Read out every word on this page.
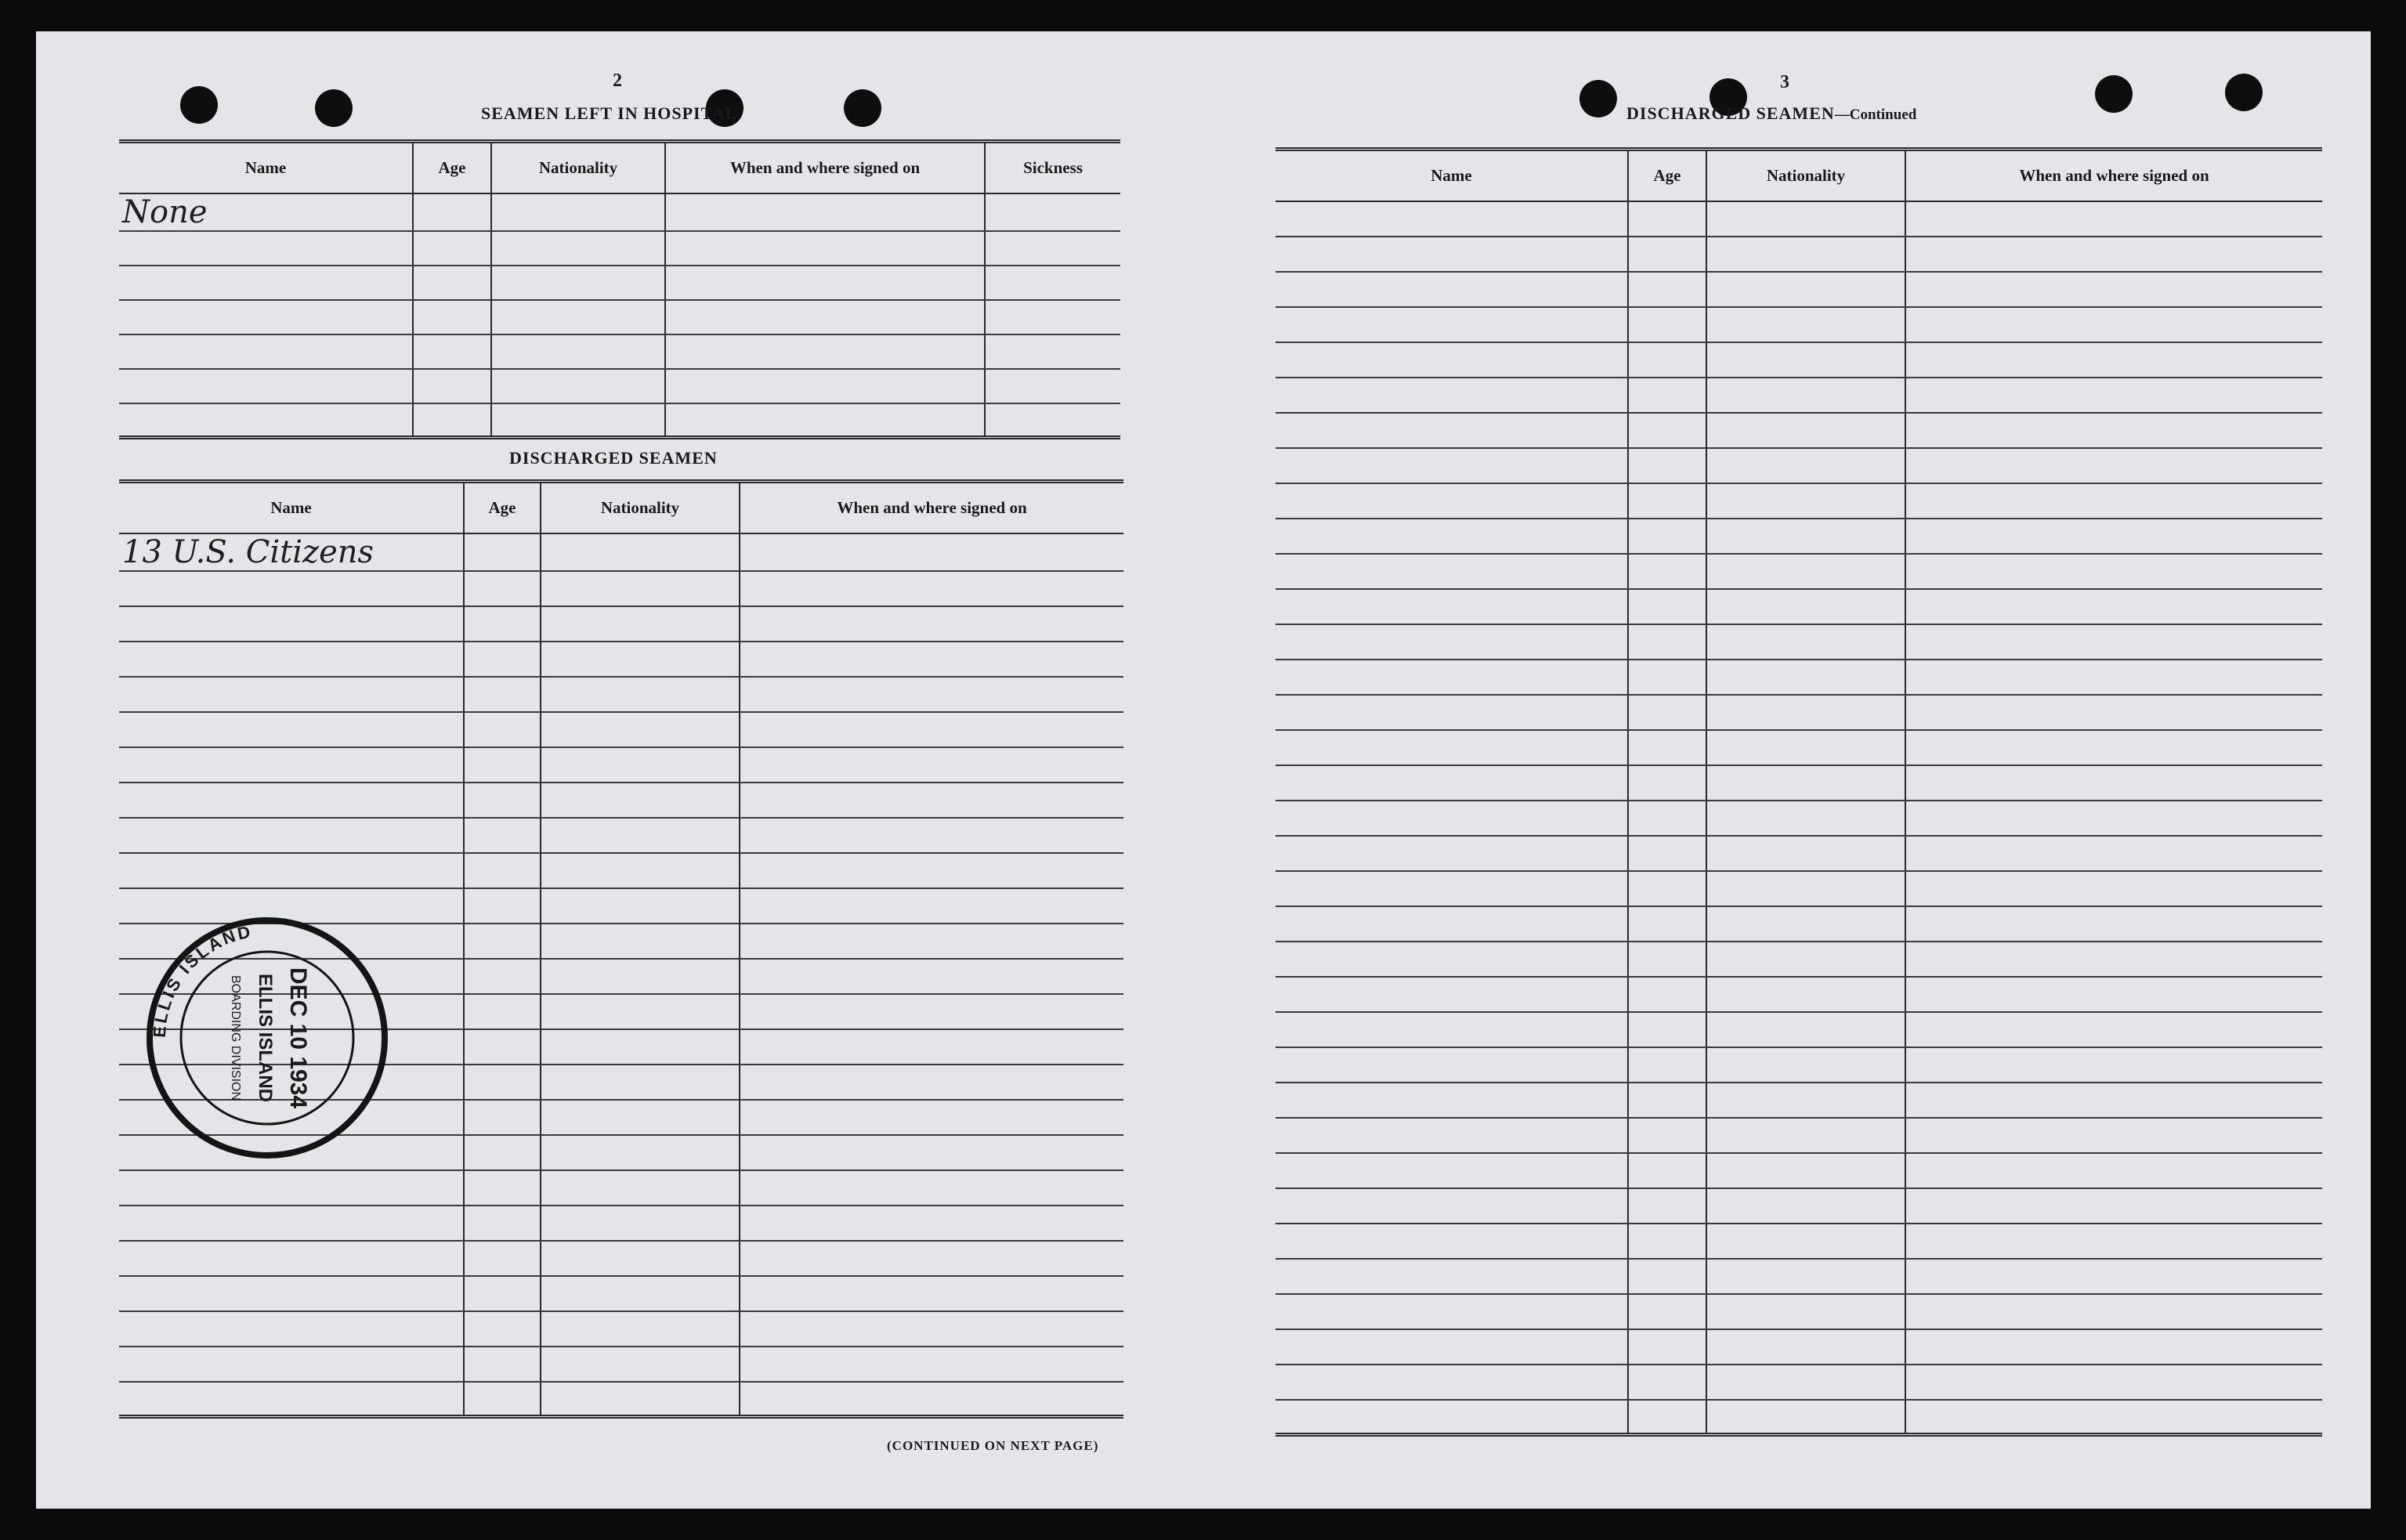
2
SEAMEN LEFT IN HOSPITAL
Name	Age	Nationality	When and where signed on	Sickness
None				

DISCHARGED SEAMEN
Name	Age	Nationality	When and where signed on
13 U.S. Citizens			

(CONTINUED ON NEXT PAGE)
ELLIS ISLAND
DEC 10 1934
ELLIS ISLAND
BOARDING DIVISION
3
DISCHARGED SEAMEN—Continued
Name	Age	Nationality	When and where signed on
